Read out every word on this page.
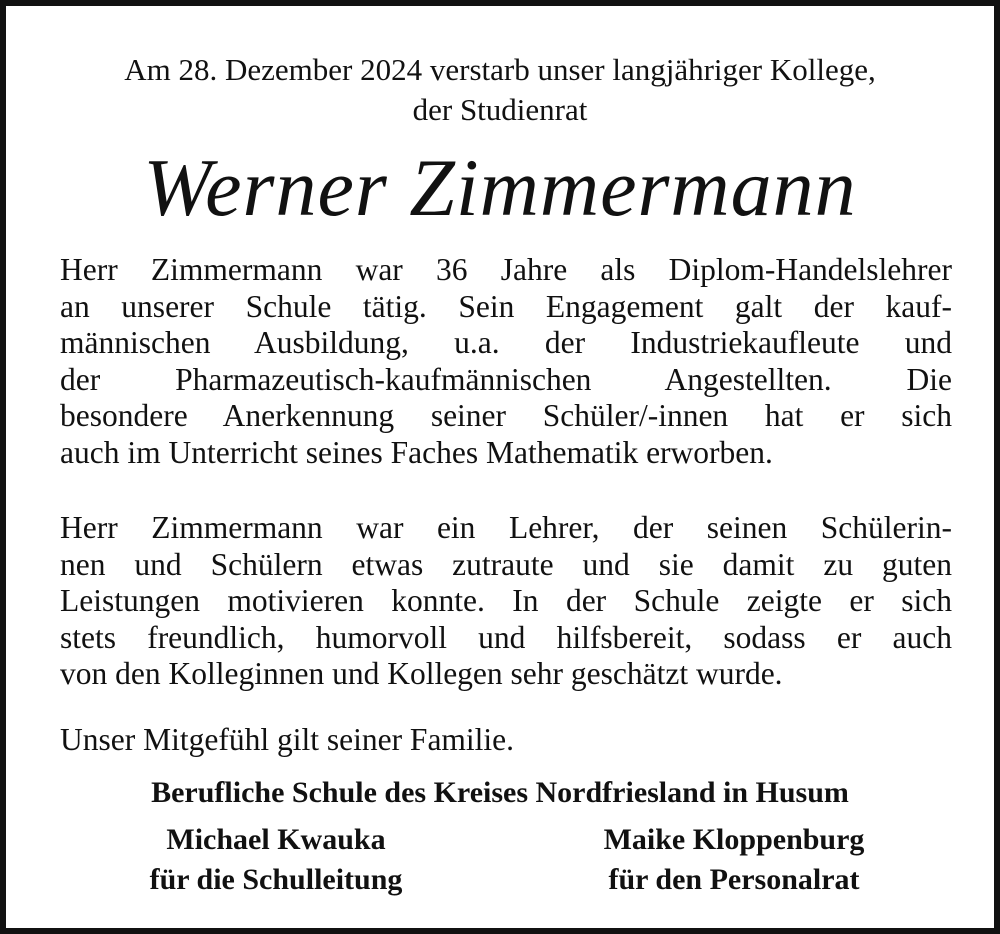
Am 28. Dezember 2024 verstarb unser langjähriger Kollege,
der Studienrat
Werner Zimmermann
Herr Zimmermann war 36 Jahre als Diplom-Handelslehrer
an unserer Schule tätig. Sein Engagement galt der kauf-
männischen Ausbildung, u.a. der Industriekaufleute und
der Pharmazeutisch-kaufmännischen Angestellten. Die
besondere Anerkennung seiner Schüler/-innen hat er sich
auch im Unterricht seines Faches Mathematik erworben.
Herr Zimmermann war ein Lehrer, der seinen Schülerin-
nen und Schülern etwas zutraute und sie damit zu guten
Leistungen motivieren konnte. In der Schule zeigte er sich
stets freundlich, humorvoll und hilfsbereit, sodass er auch
von den Kolleginnen und Kollegen sehr geschätzt wurde.
Unser Mitgefühl gilt seiner Familie.
Berufliche Schule des Kreises Nordfriesland in Husum
Michael Kwauka
für die Schulleitung
Maike Kloppenburg
für den Personalrat
